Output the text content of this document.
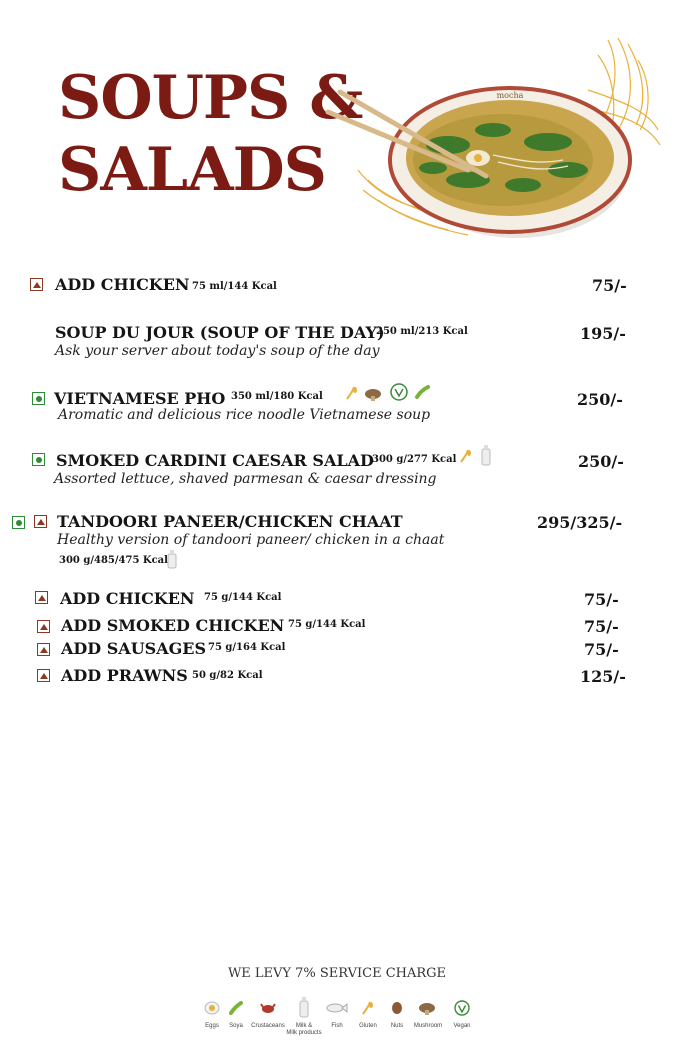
SOUPS &
SALADS
mocha
ADD CHICKEN 75 ml/144 Kcal	75/-
SOUP DU JOUR (SOUP OF THE DAY)
250 ml/213 Kcal	195/-
Ask your server about today's soup of the day
VIETNAMESE PHO 350 ml/180 Kcal	250/-
Aromatic and delicious rice noodle Vietnamese soup
SMOKED CARDINI CAESAR SALAD
300 g/277 Kcal	250/-
Assorted lettuce, shaved parmesan & caesar dressing
TANDOORI PANEER/CHICKEN CHAAT	295/325/-
Healthy version of tandoori paneer/ chicken in a chaat
300 g/485/475 Kcal
ADD CHICKEN 75 g/144 Kcal	75/-
ADD SMOKED CHICKEN 75 g/144 Kcal	75/-
ADD SAUSAGES 75 g/164 Kcal	75/-
ADD PRAWNS 50 g/82 Kcal	125/-
WE LEVY 7% SERVICE CHARGE
Eggs	Soya	Crustaceans	Milk &
Milk products
Fish	Gluten	Nuts	Mushroom	Vegan
